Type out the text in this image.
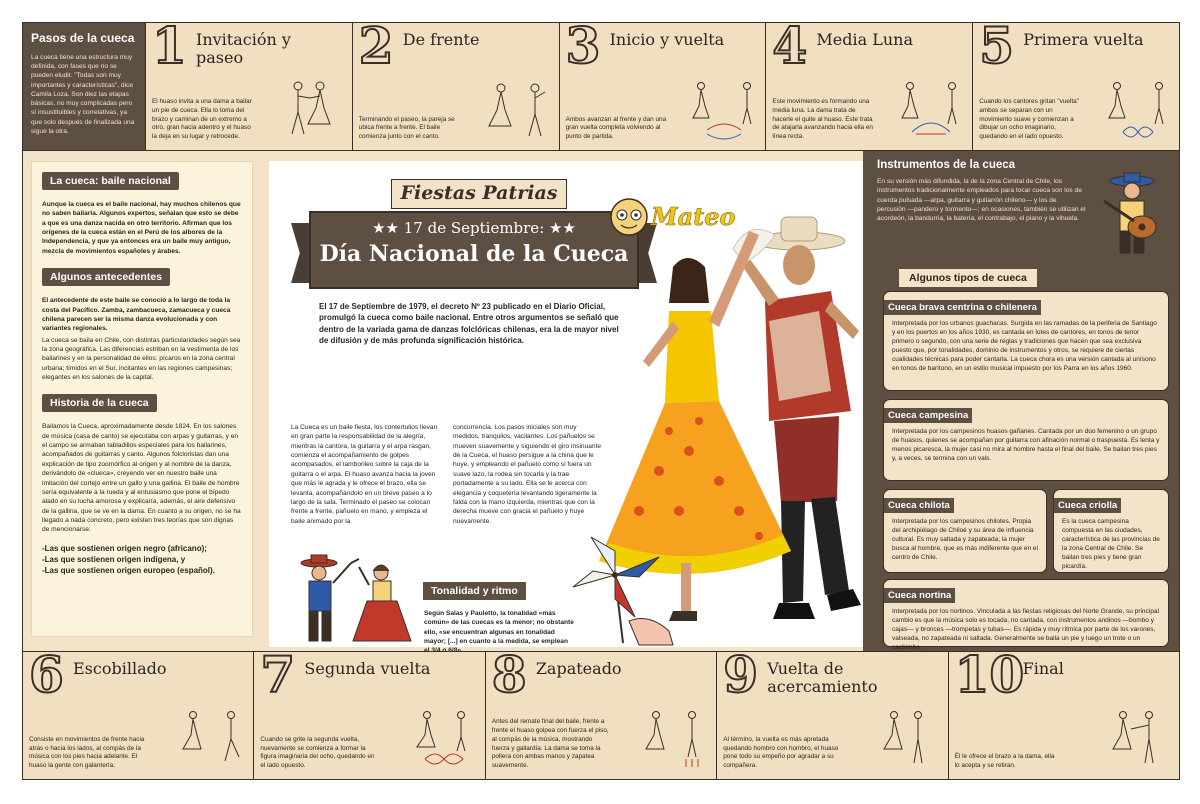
Pasos de la cueca

La cueca tiene una estructura muy definida, con fases que no se pueden eludir. "Todas son muy importantes y características", dice Camila Loza. Son diez las etapas básicas, no muy complicadas pero sí insustituibles y correlativas, ya que solo después de finalizada una sigue la otra.

1 Invitación y paseo
El huaso invita a una dama a bailar un pie de cueca. Ella lo toma del brazo y caminan de un extremo a otro, gran hacia adentro y el huaso la deja en su lugar y retrocede.
2 De frente
Terminando el paseo, la pareja se ubica frente a frente. El baile comienza junto con el canto.
3 Inicio y vuelta
Ambos avanzan al frente y dan una gran vuelta completa volviendo al punto de partida.
4 Media Luna
Este movimiento es formando una media luna. La dama trata de hacerle el quite al huaso. Este trata de atajarla avanzando hacia ella en línea recta.
5 Primera vuelta
Cuando los cantores gritan "vuelta" ambos se separan con un movimiento suave y comienzan a dibujar un ocho imaginario, quedando en el lado opuesto.
La cueca: baile nacional

Aunque la cueca es el baile nacional, hay muchos chilenos que no saben bailarla. Algunos expertos, señalan que esto se debe a que es una danza nacida en otro territorio. Afirman que los orígenes de la cueca están en el Perú de los albores de la Independencia, y que ya entonces era un baile muy antiguo, mezcla de movimientos españoles y árabes.

Algunos antecedentes

El antecedente de este baile se conoció a lo largo de toda la costa del Pacífico. Zamba, zambacueca, zamacueca y cueca chilena parecen ser la misma danza evolucionada y con variantes regionales.

La cueca se baila en Chile, con distintas particularidades según sea la zona geográfica. Las diferencias estriban en la vestimenta de los bailarines y en la personalidad de ellos: pícaros en la zona central urbana; tímidos en el Sur, incitantes en las regiones campesinas; elegantes en los salones de la capital.

Historia de la cueca

Bailamos la Cueca, aproximadamente desde 1824. En los salones de música (casa de canto) se ejecutaba con arpas y guitarras, y en el campo se armaban tabladillos especiales para los bailarines, acompañados de guitarras y canto. Algunos folcloristas dan una explicación de tipo zoomórfico al origen y al nombre de la danza, derivándolo de «clueca», creyendo ver en nuestro baile una imitación del cortejo entre un gallo y una gallina. El baile de hombre sería equivalente a la rueda y al entusiasmo que pone el bípedo alado en su lucha amorosa y explicaría, además, el aire defensivo de la gallina, que se ve en la dama. En cuanto a su origen, no se ha llegado a nada concreto, pero existen tres teorías que son dignas de mencionarse:

-Las que sostienen origen negro (africano);
-Las que sostienen origen indígena, y
-Las que sostienen origen europeo (español).
Fiestas Patrias
★★ 17 de Septiembre: ★★
Día Nacional de la Cueca
Mateo
El 17 de Septiembre de 1979, el decreto Nº 23 publicado en el Diario Oficial, promulgó la cueca como baile nacional. Entre otros argumentos se señaló que dentro de la variada gama de danzas folclóricas chilenas, era la de mayor nivel de difusión y de más profunda significación histórica.
La Cueca es un baile fiesta, los contertulios llevan en gran parte la responsabilidad de la alegría, mientras la cantora, la guitarra y el arpa rasgan, comienza el acompañamiento de golpes acompasados, el tamborileo sobre la caja de la guitarra o el arpa. El huaso avanza hacia la joven que más le agrada y le ofrece el brazo, ella se levanta, acompañándolo en un breve paseo a lo largo de la sala. Terminado el paseo se colocan frente a frente, pañuelo en mano, y empieza el baile animado por la
concurrencia. Los pasos iniciales son muy medidos, tranquilos, vacilantes. Los pañuelos se mueven suavemente y siguiendo el giro insinuante de la Cueca, el huaso persigue a la china que le huye, y empleando el pañuelo como si fuera un suave lazo, la rodea sin tocarla y la trae portadamente a su lado. Ella se le acerca con elegancia y coquetería levantando ligeramente la falda con la mano izquierda, mientras que con la derecha mueve con gracia el pañuelo y huye nuevamente.
Tonalidad y ritmo
Según Salas y Pauletto, la tonalidad «más común» de las cuecas es la menor; no obstante ello, «se encuentran algunas en tonalidad mayor; [...] en cuanto a la medida, se emplean
Instrumentos de la cueca

En su versión más difundida, la de la zona Central de Chile, los instrumentos tradicionalmente empleados para tocar cueca son los de cuerda pulsada —arpa, guitarra y guitarrón chileno— y los de percusión —pandero y tormento—; en ocasiones, también se utilizan el acordeón, la bandurria, la batería, el contrabajo, el piano y la vihuela.

Algunos tipos de cueca
Cueca brava centrina o chilenera

Interpretada por los urbanos guachacas. Surgida en las ramadas de la periferia de Santiago y en los puertos en los años 1930, es cantada en lotes de cantores, en tonos de tenor primero o segundo, con una serie de reglas y tradiciones que hacen que sea exclusiva puesto que, por tonalidades, dominio de instrumentos y otros, se requiere de ciertas cualidades técnicas para poder cantarla. La cueca chora es una versión cantada al unísono en tonos de barítono, en un estilo musical impuesto por los Parra en los años 1960.

Cueca campesina

Interpretada por los campesinos huasos gañanes. Cantada por un dúo femenino o un grupo de huasos, quienes se acompañan por guitarra con afinación normal o traspuesta. Es lenta y menos picaresca, la mujer casi no mira al hombre hasta el final del baile. Se bailan tres pies y, a veces, se termina con un vals.

Cueca chilota

Interpretada por los campesinos chilotes. Propia del archipiélago de Chiloé y su área de influencia cultural. Es muy saltada y zapateada; la mujer busca al hombre, que es más indiferente que en el centro de Chile.

Cueca criolla

Es la cueca campesina compuesta en las ciudades, característica de las provincias de la zona Central de Chile. Se bailan tres pies y tiene gran picardía.

Cueca nortina

Interpretada por los nortinos. Vinculada a las fiestas religiosas del Norte Grande, su principal cambio es que la música solo es tocada, no cantada, con instrumentos andinos —bombo y cajas— y bronces —trompetas y tubas—. Es rápida y muy rítmica por parte de los varones, valseada, no zapateada ni saltada. Generalmente se baila un pie y luego un trote o un cachimbo.

6 Escobillado
Consiste en movimientos de frente hacia atrás o hacia los lados, al compás de la música con los pies hacia adelante. El huaso la gente con galantería.
7 Segunda vuelta
Cuando se grite la segunda vuelta, nuevamente se comienza a formar la figura imaginaria del ocho, quedando en el lado opuesto.
8 Zapateado
Antes del remate final del baile, frente a frente el huaso golpea con fuerza el piso, al compás de la música, mostrando fuerza y gallardía. La dama se toma la pollera con ambas manos y zapatea suavemente.
9 Vuelta de acercamiento
Al término, la vuelta es más apretada quedando hombro con hombro, el huaso pone todo su empeño por agradar a su compañera.
10
Final
Él le ofrece el brazo a la dama, ella lo acepta y se retiran.
